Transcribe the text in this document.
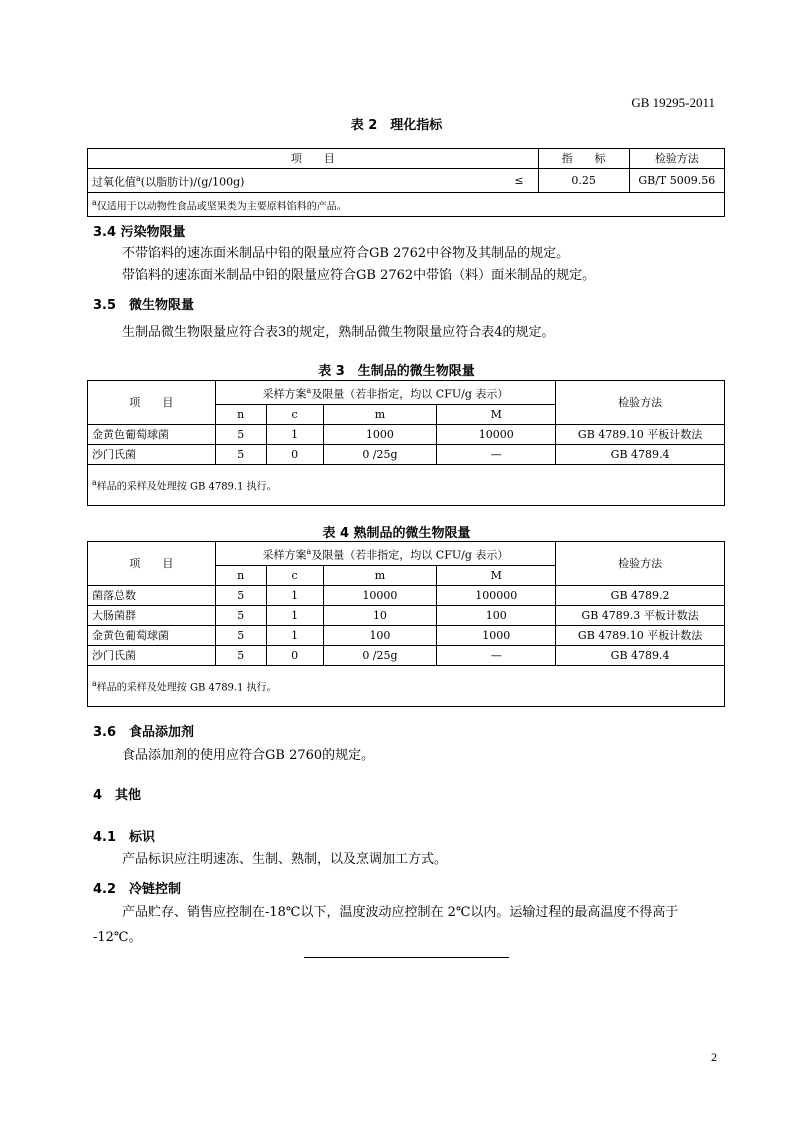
GB 19295-2011
表 2　理化指标
项　　目		指　　标	检验方法
过氧化值$^a$(以脂肪计)/(g/100g)	≤	0.25	GB/T 5009.56
$^a$仅适用于以动物性食品或坚果类为主要原料馅料的产品。			
3.4 污染物限量
不带馅料的速冻面米制品中铅的限量应符合GB 2762中谷物及其制品的规定。
带馅料的速冻面米制品中铅的限量应符合GB 2762中带馅（料）面米制品的规定。
3.5　微生物限量
生制品微生物限量应符合表3的规定，熟制品微生物限量应符合表4的规定。
表 3　生制品的微生物限量
项　　目	采样方案$^a$及限量（若非指定，均以 CFU/g 表示）				检验方法
	n	c	m	M	
金黄色葡萄球菌	5	1	1000	10000	GB 4789.10 平板计数法
沙门氏菌	5	0	0 /25g	—	GB 4789.4
$^a$样品的采样及处理按 GB 4789.1 执行。					
表 4 熟制品的微生物限量
项　　目	采样方案$^a$及限量（若非指定，均以 CFU/g 表示）				检验方法
	n	c	m	M	
菌落总数	5	1	10000	100000	GB 4789.2
大肠菌群	5	1	10	100	GB 4789.3 平板计数法
金黄色葡萄球菌	5	1	100	1000	GB 4789.10 平板计数法
沙门氏菌	5	0	0 /25g	—	GB 4789.4
$^a$样品的采样及处理按 GB 4789.1 执行。					
3.6　食品添加剂
食品添加剂的使用应符合GB 2760的规定。
4　其他
4.1　标识
产品标识应注明速冻、生制、熟制，以及烹调加工方式。
4.2　冷链控制
产品贮存、销售应控制在-18℃以下，温度波动应控制在 2℃以内。运输过程的最高温度不得高于
-12℃。
2
